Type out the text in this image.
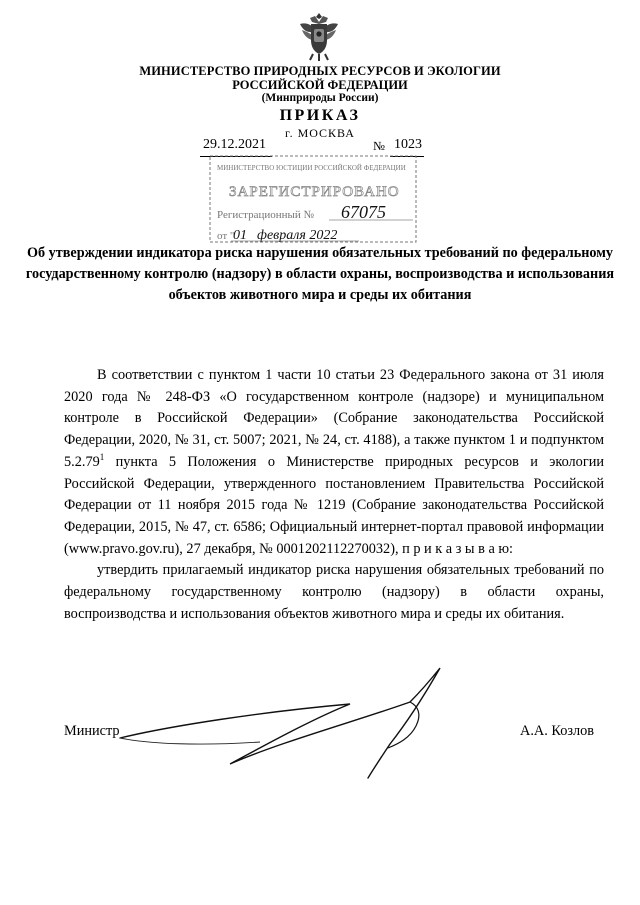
МИНИСТЕРСТВО ПРИРОДНЫХ РЕСУРСОВ И ЭКОЛОГИИ
РОССИЙСКОЙ ФЕДЕРАЦИИ
(Минприроды России)
ПРИКАЗ
г. МОСКВА
29.12.2021	№ 1023
МИНИСТЕРСТВО ЮСТИЦИИ РОССИЙСКОЙ ФЕДЕРАЦИИ
ЗАРЕГИСТРИРОВАНО
Регистрационный № 67075
от "
01 февраля 2022
Об утверждении индикатора риска нарушения обязательных требований по федеральному государственному контролю (надзору) в области охраны, воспроизводства и использования объектов животного мира и среды их обитания

В соответствии с пунктом 1 части 10 статьи 23 Федерального закона от 31 июля 2020 года № 248-ФЗ «О государственном контроле (надзоре) и муниципальном контроле в Российской Федерации» (Собрание законодательства Российской Федерации, 2020, № 31, ст. 5007; 2021, № 24, ст. 4188), а также пунктом 1 и подпунктом 5.2.79$^1$ пункта 5 Положения о Министерстве природных ресурсов и экологии Российской Федерации, утвержденного постановлением Правительства Российской Федерации от 11 ноября 2015 года № 1219 (Собрание законодательства Российской Федерации, 2015, № 47, ст. 6586; Официальный интернет-портал правовой информации (www.pravo.gov.ru), 27 декабря, № 0001202112270032), п р и к а з ы в а ю:

утвердить прилагаемый индикатор риска нарушения обязательных требований по федеральному государственному контролю (надзору) в области охраны, воспроизводства и использования объектов животного мира и среды их обитания.

Министр	А.А. Козлов
